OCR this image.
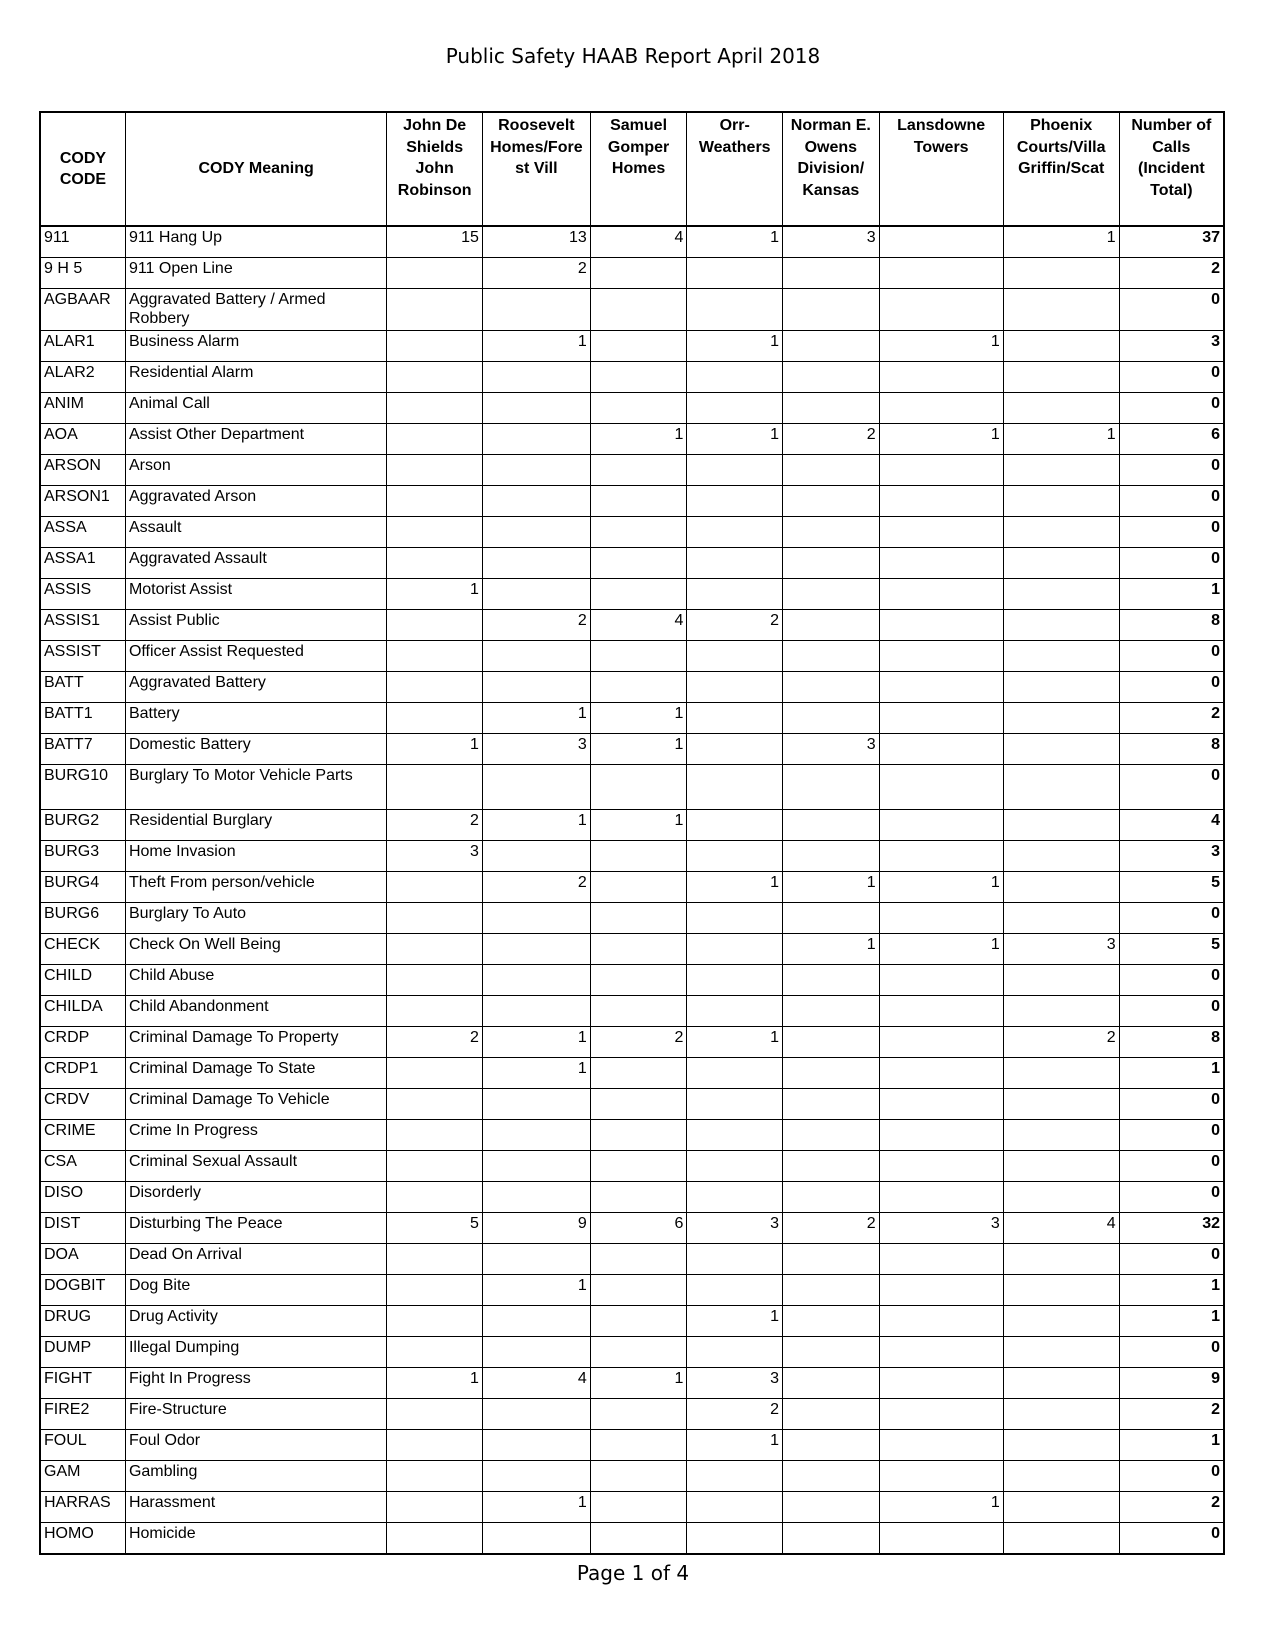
Public Safety HAAB Report April 2018
CODY CODE	CODY Meaning	John De Shields John Robinson	Roosevelt Homes/Fore st Vill	Samuel Gomper Homes	Orr- Weathers	Norman E. Owens Division/ Kansas	Lansdowne Towers	Phoenix Courts/Villa Griffin/Scat	Number of Calls (Incident Total)
911	911 Hang Up	15	13	4	1	3		1	37
9 H 5	911 Open Line		2						2
AGBAAR	Aggravated Battery / Armed Robbery								0
ALAR1	Business Alarm		1		1		1		3
ALAR2	Residential Alarm								0
ANIM	Animal Call								0
AOA	Assist Other Department			1	1	2	1	1	6
ARSON	Arson								0
ARSON1	Aggravated Arson								0
ASSA	Assault								0
ASSA1	Aggravated Assault								0
ASSIS	Motorist Assist	1							1
ASSIS1	Assist Public		2	4	2				8
ASSIST	Officer Assist Requested								0
BATT	Aggravated Battery								0
BATT1	Battery		1	1					2
BATT7	Domestic Battery	1	3	1		3			8
BURG10	Burglary To Motor Vehicle Parts								0
BURG2	Residential Burglary	2	1	1					4
BURG3	Home Invasion	3							3
BURG4	Theft From person/vehicle		2		1	1	1		5
BURG6	Burglary To Auto								0
CHECK	Check On Well Being					1	1	3	5
CHILD	Child Abuse								0
CHILDA	Child Abandonment								0
CRDP	Criminal Damage To Property	2	1	2	1			2	8
CRDP1	Criminal Damage To State		1						1
CRDV	Criminal Damage To Vehicle								0
CRIME	Crime In Progress								0
CSA	Criminal Sexual Assault								0
DISO	Disorderly								0
DIST	Disturbing The Peace	5	9	6	3	2	3	4	32
DOA	Dead On Arrival								0
DOGBIT	Dog Bite		1						1
DRUG	Drug Activity				1				1
DUMP	Illegal Dumping								0
FIGHT	Fight In Progress	1	4	1	3				9
FIRE2	Fire-Structure				2				2
FOUL	Foul Odor				1				1
GAM	Gambling								0
HARRAS	Harassment		1				1		2
HOMO	Homicide								0
Page 1 of 4
